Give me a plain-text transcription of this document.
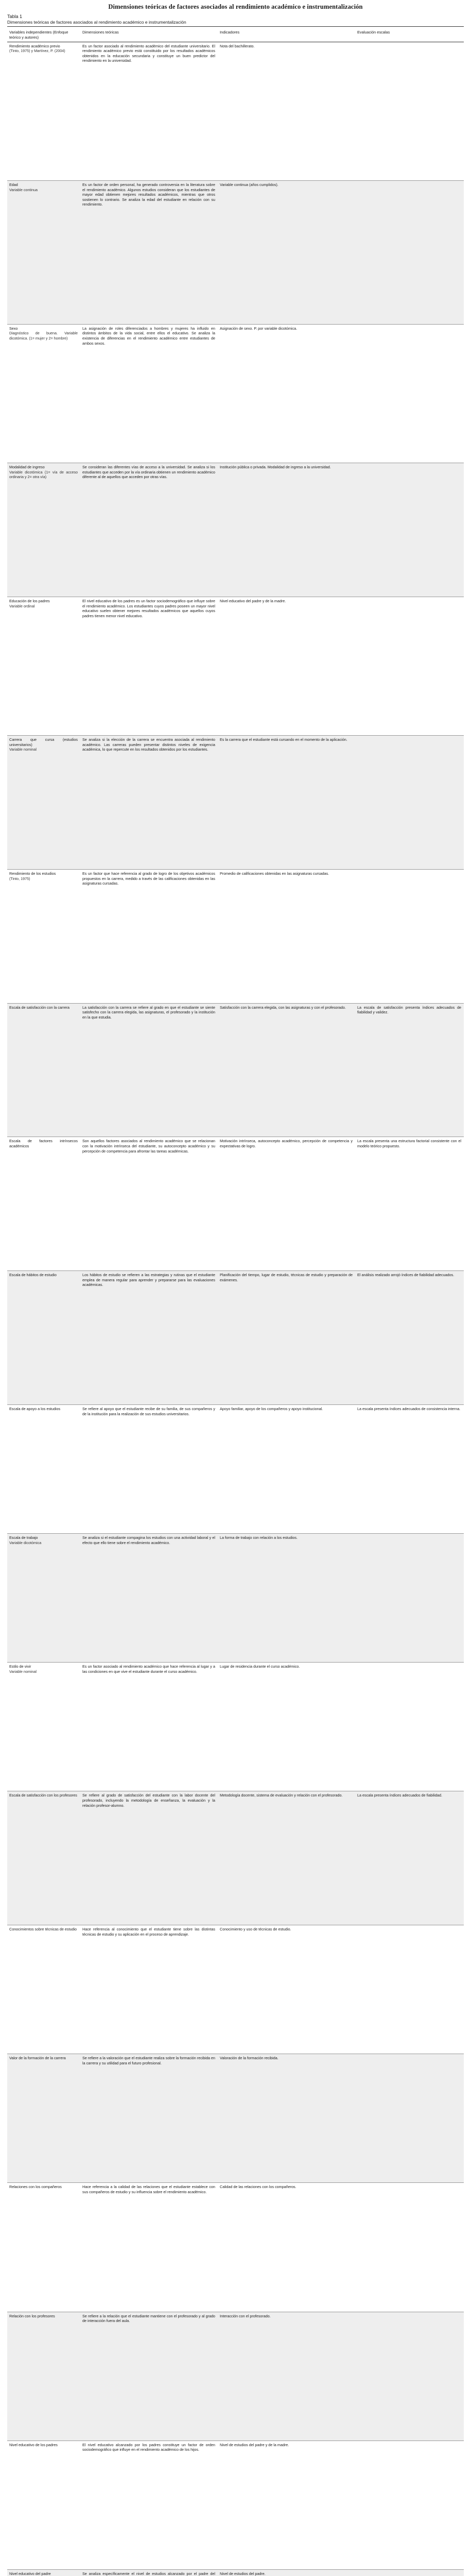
Dimensiones teóricas de factores asociados al rendimiento académico e instrumentalización
Tabla 1
Dimensiones teóricas de factores asociados al rendimiento académico e instrumentalización
Variables independientes (Enfoque teórico y autores)	Dimensiones teóricas	Indicadores	Evaluación escalas

Rendimiento académico previo
(Tinto, 1975) y Martínez, P. (2004)	Es un factor asociado al rendimiento académico del estudiante universitario. El rendimiento académico previo está constituido por los resultados académicos obtenidos en la educación secundaria y constituye un buen predictor del rendimiento en la universidad.	Nota del bachillerato.	

Edad
Variable continua	Es un factor de orden personal, ha generado controversia en la literatura sobre el rendimiento académico. Algunos estudios consideran que los estudiantes de mayor edad obtienen mejores resultados académicos, mientras que otros sostienen lo contrario. Se analiza la edad del estudiante en relación con su rendimiento.	Variable continua (años cumplidos).	

Sexo
Diagnóstico de buena. Variable dicotómica. (1= mujer y 2= hombre)	La asignación de roles diferenciados a hombres y mujeres ha influido en distintos ámbitos de la vida social, entre ellos el educativo. Se analiza la existencia de diferencias en el rendimiento académico entre estudiantes de ambos sexos.	Asignación de sexo. P. por variable dicotómica.	

Modalidad de ingreso
Variable dicotómica (1= vía de acceso ordinaria y 2= otra vía)	Se consideran las diferentes vías de acceso a la universidad. Se analiza si los estudiantes que acceden por la vía ordinaria obtienen un rendimiento académico diferente al de aquellos que acceden por otras vías.	Institución pública o privada. Modalidad de ingreso a la universidad.	

Educación de los padres
Variable ordinal	El nivel educativo de los padres es un factor sociodemográfico que influye sobre el rendimiento académico. Los estudiantes cuyos padres poseen un mayor nivel educativo suelen obtener mejores resultados académicos que aquellos cuyos padres tienen menor nivel educativo.	Nivel educativo del padre y de la madre.	

Carrera que cursa (estudios universitarios)
Variable nominal	Se analiza si la elección de la carrera se encuentra asociada al rendimiento académico. Las carreras pueden presentar distintos niveles de exigencia académica, lo que repercute en los resultados obtenidos por los estudiantes.	Es la carrera que el estudiante está cursando en el momento de la aplicación.	

Rendimiento de los estudios
(Tinto, 1975)	Es un factor que hace referencia al grado de logro de los objetivos académicos propuestos en la carrera, medido a través de las calificaciones obtenidas en las asignaturas cursadas.	Promedio de calificaciones obtenidas en las asignaturas cursadas.	

Escala de satisfacción con la carrera	La satisfacción con la carrera se refiere al grado en que el estudiante se siente satisfecho con la carrera elegida, las asignaturas, el profesorado y la institución en la que estudia.	Satisfacción con la carrera elegida, con las asignaturas y con el profesorado.	La escala de satisfacción presenta índices adecuados de fiabilidad y validez.

Escala de factores intrínsecos académicos	Son aquellos factores asociados al rendimiento académico que se relacionan con la motivación intrínseca del estudiante, su autoconcepto académico y su percepción de competencia para afrontar las tareas académicas.	Motivación intrínseca, autoconcepto académico, percepción de competencia y expectativas de logro.	La escala presenta una estructura factorial consistente con el modelo teórico propuesto.

Escala de hábitos de estudio	Los hábitos de estudio se refieren a las estrategias y rutinas que el estudiante emplea de manera regular para aprender y prepararse para las evaluaciones académicas.	Planificación del tiempo, lugar de estudio, técnicas de estudio y preparación de exámenes.	El análisis realizado arrojó índices de fiabilidad adecuados.

Escala de apoyo a los estudios	Se refiere al apoyo que el estudiante recibe de su familia, de sus compañeros y de la institución para la realización de sus estudios universitarios.	Apoyo familiar, apoyo de los compañeros y apoyo institucional.	La escala presenta índices adecuados de consistencia interna.

Escala de trabajo
Variable dicotómica	Se analiza si el estudiante compagina los estudios con una actividad laboral y el efecto que ello tiene sobre el rendimiento académico.	La forma de trabajo con relación a los estudios.	

Estilo de vivir
Variable nominal	Es un factor asociado al rendimiento académico que hace referencia al lugar y a las condiciones en que vive el estudiante durante el curso académico.	Lugar de residencia durante el curso académico.	

Escala de satisfacción con los profesores	Se refiere al grado de satisfacción del estudiante con la labor docente del profesorado, incluyendo la metodología de enseñanza, la evaluación y la relación profesor-alumno.	Metodología docente, sistema de evaluación y relación con el profesorado.	La escala presenta índices adecuados de fiabilidad.

Conocimientos sobre técnicas de estudio	Hace referencia al conocimiento que el estudiante tiene sobre las distintas técnicas de estudio y su aplicación en el proceso de aprendizaje.	Conocimiento y uso de técnicas de estudio.	

Valor de la formación de la carrera	Se refiere a la valoración que el estudiante realiza sobre la formación recibida en la carrera y su utilidad para el futuro profesional.	Valoración de la formación recibida.	

Relaciones con los compañeros	Hace referencia a la calidad de las relaciones que el estudiante establece con sus compañeros de estudio y su influencia sobre el rendimiento académico.	Calidad de las relaciones con los compañeros.	

Relación con los profesores	Se refiere a la relación que el estudiante mantiene con el profesorado y al grado de interacción fuera del aula.	Interacción con el profesorado.	

Nivel educativo de los padres	El nivel educativo alcanzado por los padres constituye un factor de orden sociodemográfico que influye en el rendimiento académico de los hijos.	Nivel de estudios del padre y de la madre.	

Nivel educativo del padre	Se analiza específicamente el nivel de estudios alcanzado por el padre del	Nivel de estudios del padre.	
